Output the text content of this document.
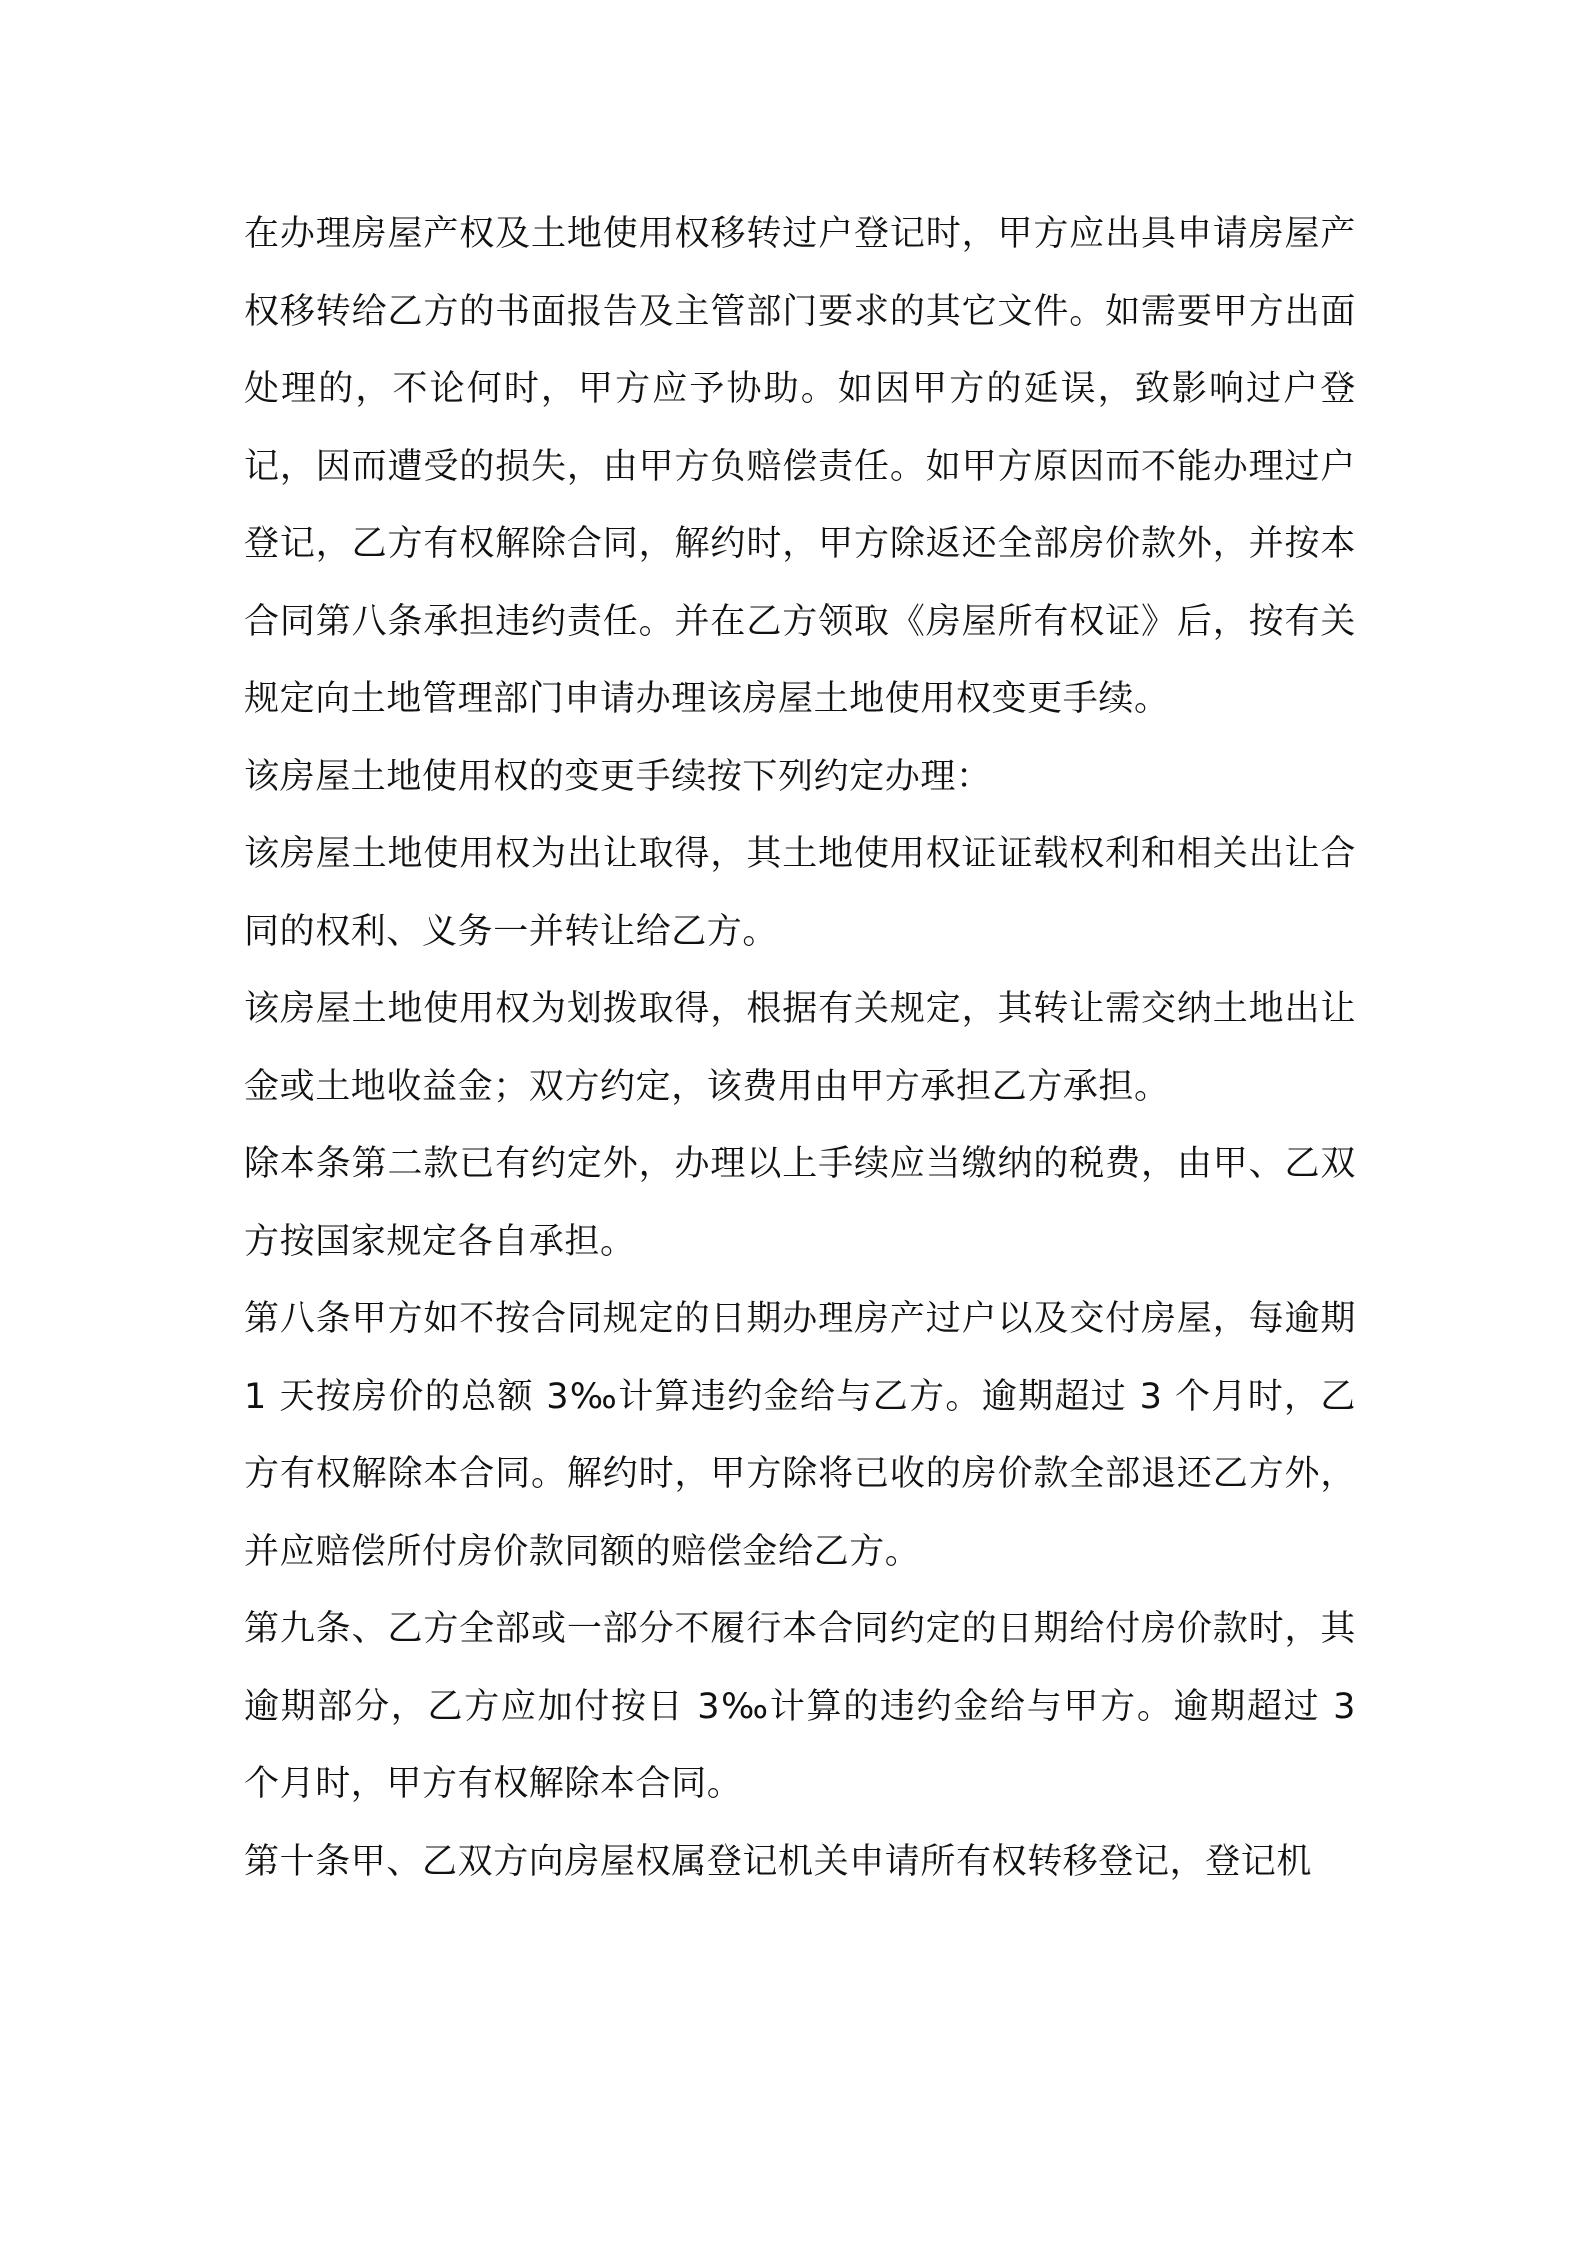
在办理房屋产权及土地使用权移转过户登记时，甲方应出具申请房屋产权移转给乙方的书面报告及主管部门要求的其它文件。如需要甲方出面处理的，不论何时，甲方应予协助。如因甲方的延误，致影响过户登记，因而遭受的损失，由甲方负赔偿责任。如甲方原因而不能办理过户登记，乙方有权解除合同，解约时，甲方除返还全部房价款外，并按本合同第八条承担违约责任。并在乙方领取《房屋所有权证》后，按有关规定向土地管理部门申请办理该房屋土地使用权变更手续。

该房屋土地使用权的变更手续按下列约定办理：

该房屋土地使用权为出让取得，其土地使用权证证载权利和相关出让合同的权利、义务一并转让给乙方。

该房屋土地使用权为划拨取得，根据有关规定，其转让需交纳土地出让金或土地收益金；双方约定，该费用由甲方承担乙方承担。

除本条第二款已有约定外，办理以上手续应当缴纳的税费，由甲、乙双方按国家规定各自承担。

第八条甲方如不按合同规定的日期办理房产过户以及交付房屋，每逾期 1 天按房价的总额 3‰计算违约金给与乙方。逾期超过 3 个月时，乙方有权解除本合同。解约时，甲方除将已收的房价款全部退还乙方外，并应赔偿所付房价款同额的赔偿金给乙方。

第九条、乙方全部或一部分不履行本合同约定的日期给付房价款时，其逾期部分，乙方应加付按日 3‰计算的违约金给与甲方。逾期超过 3 个月时，甲方有权解除本合同。

第十条甲、乙双方向房屋权属登记机关申请所有权转移登记，登记机
